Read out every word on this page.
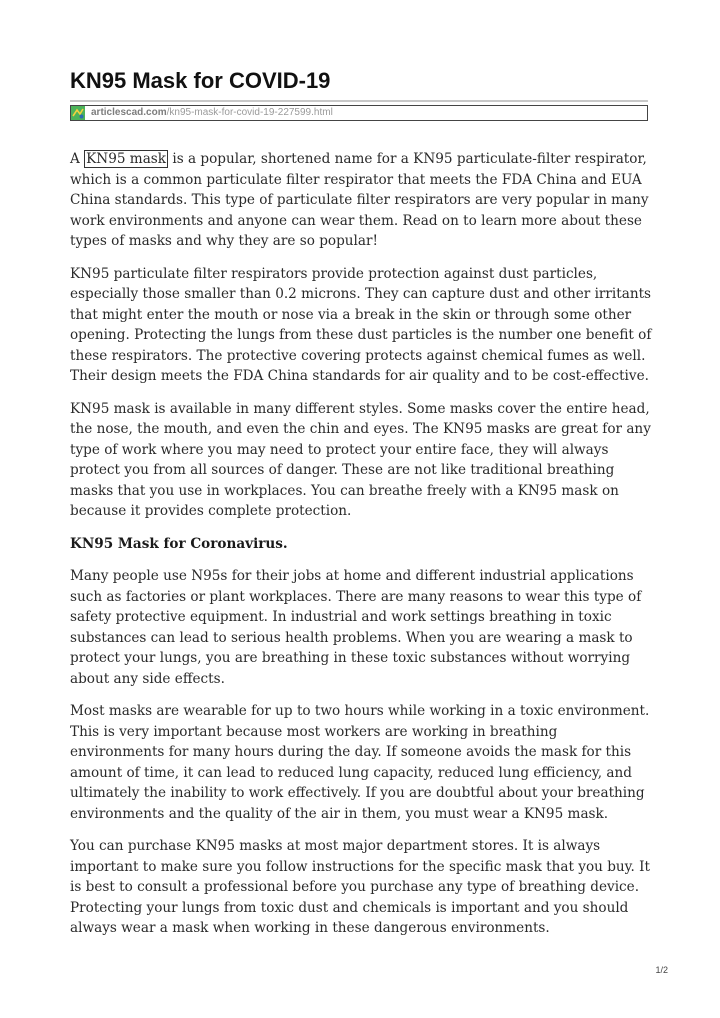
KN95 Mask for COVID-19
articlescad.com/kn95-mask-for-covid-19-227599.html

A KN95 mask is a popular, shortened name for a KN95 particulate-filter respirator, which is a common particulate filter respirator that meets the FDA China and EUA China standards. This type of particulate filter respirators are very popular in many work environments and anyone can wear them. Read on to learn more about these types of masks and why they are so popular!

KN95 particulate filter respirators provide protection against dust particles, especially those smaller than 0.2 microns. They can capture dust and other irritants that might enter the mouth or nose via a break in the skin or through some other opening. Protecting the lungs from these dust particles is the number one benefit of these respirators. The protective covering protects against chemical fumes as well. Their design meets the FDA China standards for air quality and to be cost-effective.

KN95 mask is available in many different styles. Some masks cover the entire head, the nose, the mouth, and even the chin and eyes. The KN95 masks are great for any type of work where you may need to protect your entire face, they will always protect you from all sources of danger. These are not like traditional breathing masks that you use in workplaces. You can breathe freely with a KN95 mask on because it provides complete protection.

KN95 Mask for Coronavirus.

Many people use N95s for their jobs at home and different industrial applications such as factories or plant workplaces. There are many reasons to wear this type of safety protective equipment. In industrial and work settings breathing in toxic substances can lead to serious health problems. When you are wearing a mask to protect your lungs, you are breathing in these toxic substances without worrying about any side effects.

Most masks are wearable for up to two hours while working in a toxic environment. This is very important because most workers are working in breathing environments for many hours during the day. If someone avoids the mask for this amount of time, it can lead to reduced lung capacity, reduced lung efficiency, and ultimately the inability to work effectively. If you are doubtful about your breathing environments and the quality of the air in them, you must wear a KN95 mask.

You can purchase KN95 masks at most major department stores. It is always important to make sure you follow instructions for the specific mask that you buy. It is best to consult a professional before you purchase any type of breathing device. Protecting your lungs from toxic dust and chemicals is important and you should always wear a mask when working in these dangerous environments.

1/2
